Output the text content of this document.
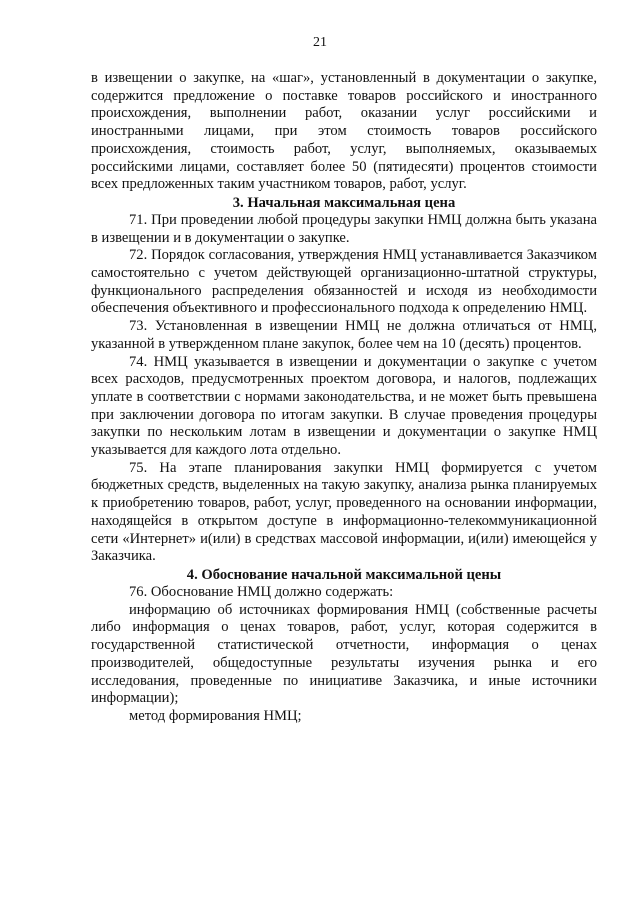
21

в извещении о закупке, на «шаг», установленный в документации о закупке, содержится предложение о поставке товаров российского и иностранного происхождения, выполнении работ, оказании услуг российскими и иностранными лицами, при этом стоимость товаров российского происхождения, стоимость работ, услуг, выполняемых, оказываемых российскими лицами, составляет более 50 (пятидесяти) процентов стоимости всех предложенных таким участником товаров, работ, услуг.

3. Начальная максимальная цена

71. При проведении любой процедуры закупки НМЦ должна быть указана в извещении и в документации о закупке.

72. Порядок согласования, утверждения НМЦ устанавливается Заказчиком самостоятельно с учетом действующей организационно-штатной структуры, функционального распределения обязанностей и исходя из необходимости обеспечения объективного и профессионального подхода к определению НМЦ.

73. Установленная в извещении НМЦ не должна отличаться от НМЦ, указанной в утвержденном плане закупок, более чем на 10 (десять) процентов.

74. НМЦ указывается в извещении и документации о закупке с учетом всех расходов, предусмотренных проектом договора, и налогов, подлежащих уплате в соответствии с нормами законодательства, и не может быть превышена при заключении договора по итогам закупки. В случае проведения процедуры закупки по нескольким лотам в извещении и документации о закупке НМЦ указывается для каждого лота отдельно.

75. На этапе планирования закупки НМЦ формируется с учетом бюджетных средств, выделенных на такую закупку, анализа рынка планируемых к приобретению товаров, работ, услуг, проведенного на основании информации, находящейся в открытом доступе в информационно-телекоммуникационной сети «Интернет» и(или) в средствах массовой информации, и(или) имеющейся у Заказчика.

4. Обоснование начальной максимальной цены

76. Обоснование НМЦ должно содержать:

информацию об источниках формирования НМЦ (собственные расчеты либо информация о ценах товаров, работ, услуг, которая содержится в государственной статистической отчетности, информация о ценах производителей, общедоступные результаты изучения рынка и его исследования, проведенные по инициативе Заказчика, и иные источники информации);

метод формирования НМЦ;
